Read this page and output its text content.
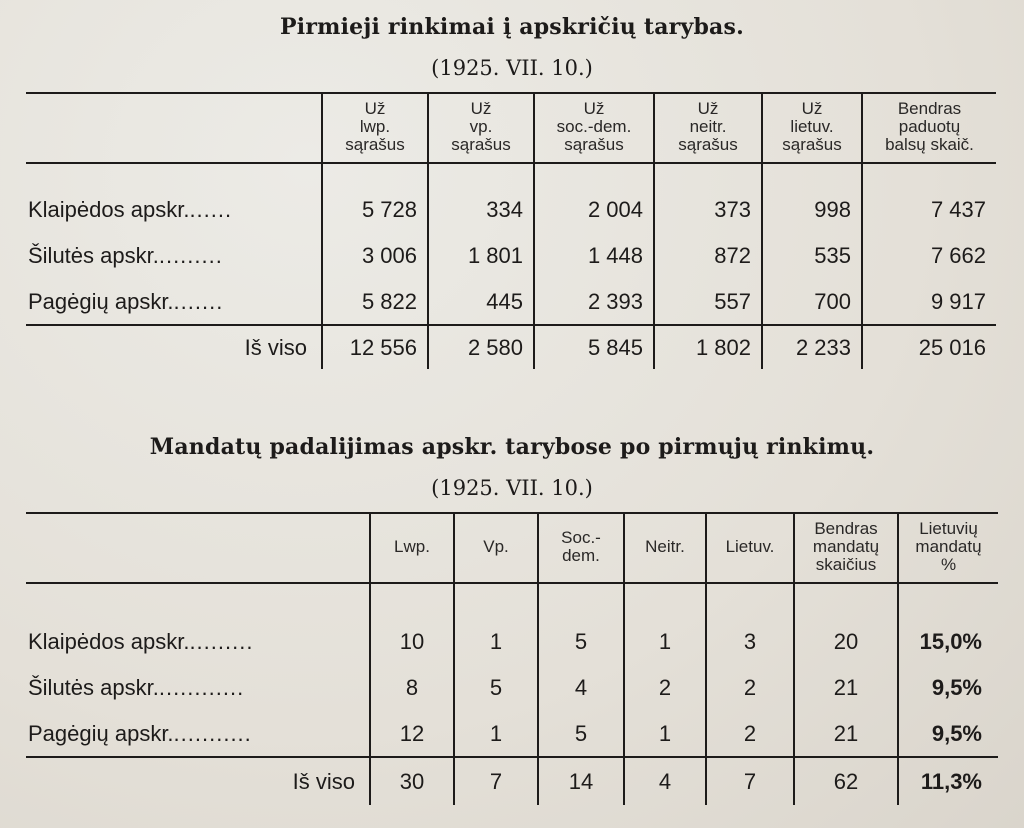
Pirmieji rinkimai į apskričių tarybas.
(1925. VII. 10.)
	Už
lwp.
sąrašus	Už
vp.
sąrašus	Už
soc.-dem.
sąrašus	Už
neitr.
sąrašus	Už
lietuv.
sąrašus	Bendras
paduotų
balsų skaič.

Klaipėdos apskr.......	5 728	334	2 004	373	998	7 437
Šilutės apskr..........	3 006	1 801	1 448	872	535	7 662
Pagėgių apskr........	5 822	445	2 393	557	700	9 917
Iš viso	12 556	2 580	5 845	1 802	2 233	25 016
Mandatų padalijimas apskr. tarybose po pirmųjų rinkimų.
(1925. VII. 10.)
	Lwp.	Vp.	Soc.-
dem.	Neitr.	Lietuv.	Bendras
mandatų
skaičius	Lietuvių
mandatų
%

Klaipėdos apskr..........	10	1	5	1	3	20	15,0%
Šilutės apskr.............	8	5	4	2	2	21	9,5%
Pagėgių apskr............	12	1	5	1	2	21	9,5%
Iš viso	30	7	14	4	7	62	11,3%
